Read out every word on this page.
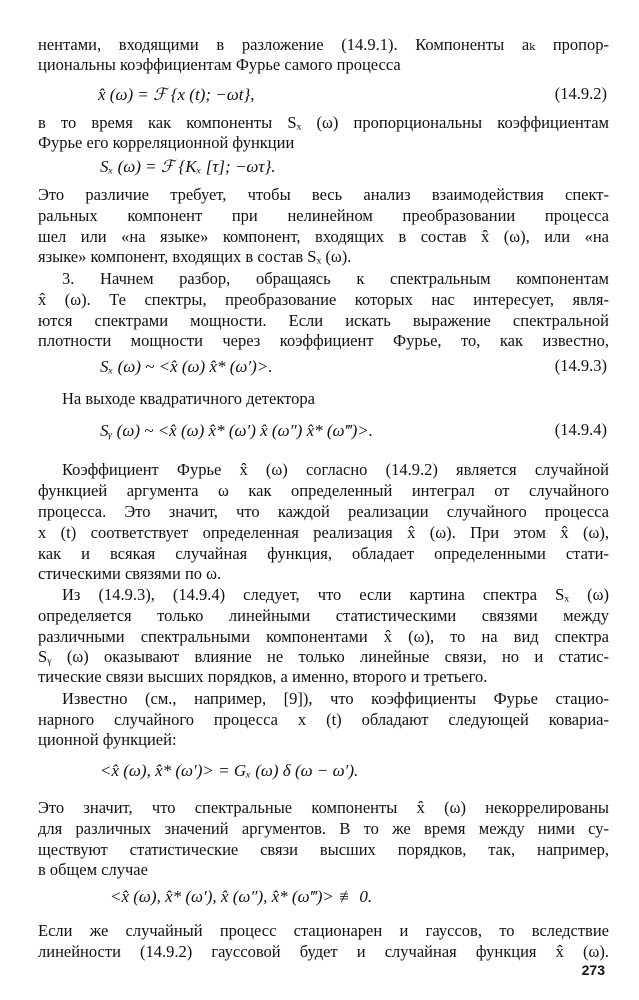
нентами, входящими в разложение (14.9.1). Компоненты aₖ пропор-
циональны коэффициентам Фурье самого процесса
x̂ (ω) = ℱ {x (t); −ωt},	(14.9.2)
в то время как компоненты Sₓ (ω) пропорциональны коэффициентам
Фурье его корреляционной функции
Sₓ (ω) = ℱ {Kₓ [τ]; −ωτ}.
Это различие требует, чтобы весь анализ взаимодействия спект-
ральных компонент при нелинейном преобразовании процесса
шел или «на языке» компонент, входящих в состав x̂ (ω), или «на
языке» компонент, входящих в состав Sₓ (ω).
3. Начнем разбор, обращаясь к спектральным компонентам
x̂ (ω). Те спектры, преобразование которых нас интересует, явля-
ются спектрами мощности. Если искать выражение спектральной
плотности мощности через коэффициент Фурье, то, как известно,
Sₓ (ω) ~ <x̂ (ω) x̂* (ω′)>.	(14.9.3)
На выходе квадратичного детектора
Sᵧ (ω) ~ <x̂ (ω) x̂* (ω′) x̂ (ω″) x̂* (ω‴)>.	(14.9.4)
Коэффициент Фурье x̂ (ω) согласно (14.9.2) является случайной
функцией аргумента ω как определенный интеграл от случайного
процесса. Это значит, что каждой реализации случайного процесса
x (t) соответствует определенная реализация x̂ (ω). При этом x̂ (ω),
как и всякая случайная функция, обладает определенными стати-
стическими связями по ω.
Из (14.9.3), (14.9.4) следует, что если картина спектра Sₓ (ω)
определяется только линейными статистическими связями между
различными спектральными компонентами x̂ (ω), то на вид спектра
Sᵧ (ω) оказывают влияние не только линейные связи, но и статис-
тические связи высших порядков, а именно, второго и третьего.
Известно (см., например, [9]), что коэффициенты Фурье стацио-
нарного случайного процесса x (t) обладают следующей ковариа-
ционной функцией:
<x̂ (ω), x̂* (ω′)> = Gₓ (ω) δ (ω − ω′).
Это значит, что спектральные компоненты x̂ (ω) некоррелированы
для различных значений аргументов. В то же время между ними су-
ществуют статистические связи высших порядков, так, например,
в общем случае
<x̂ (ω), x̂* (ω′), x̂ (ω″), x̂* (ω‴)> ≢ 0.
Если же случайный процесс стационарен и гауссов, то вследствие
линейности (14.9.2) гауссовой будет и случайная функция x̂ (ω).
273
